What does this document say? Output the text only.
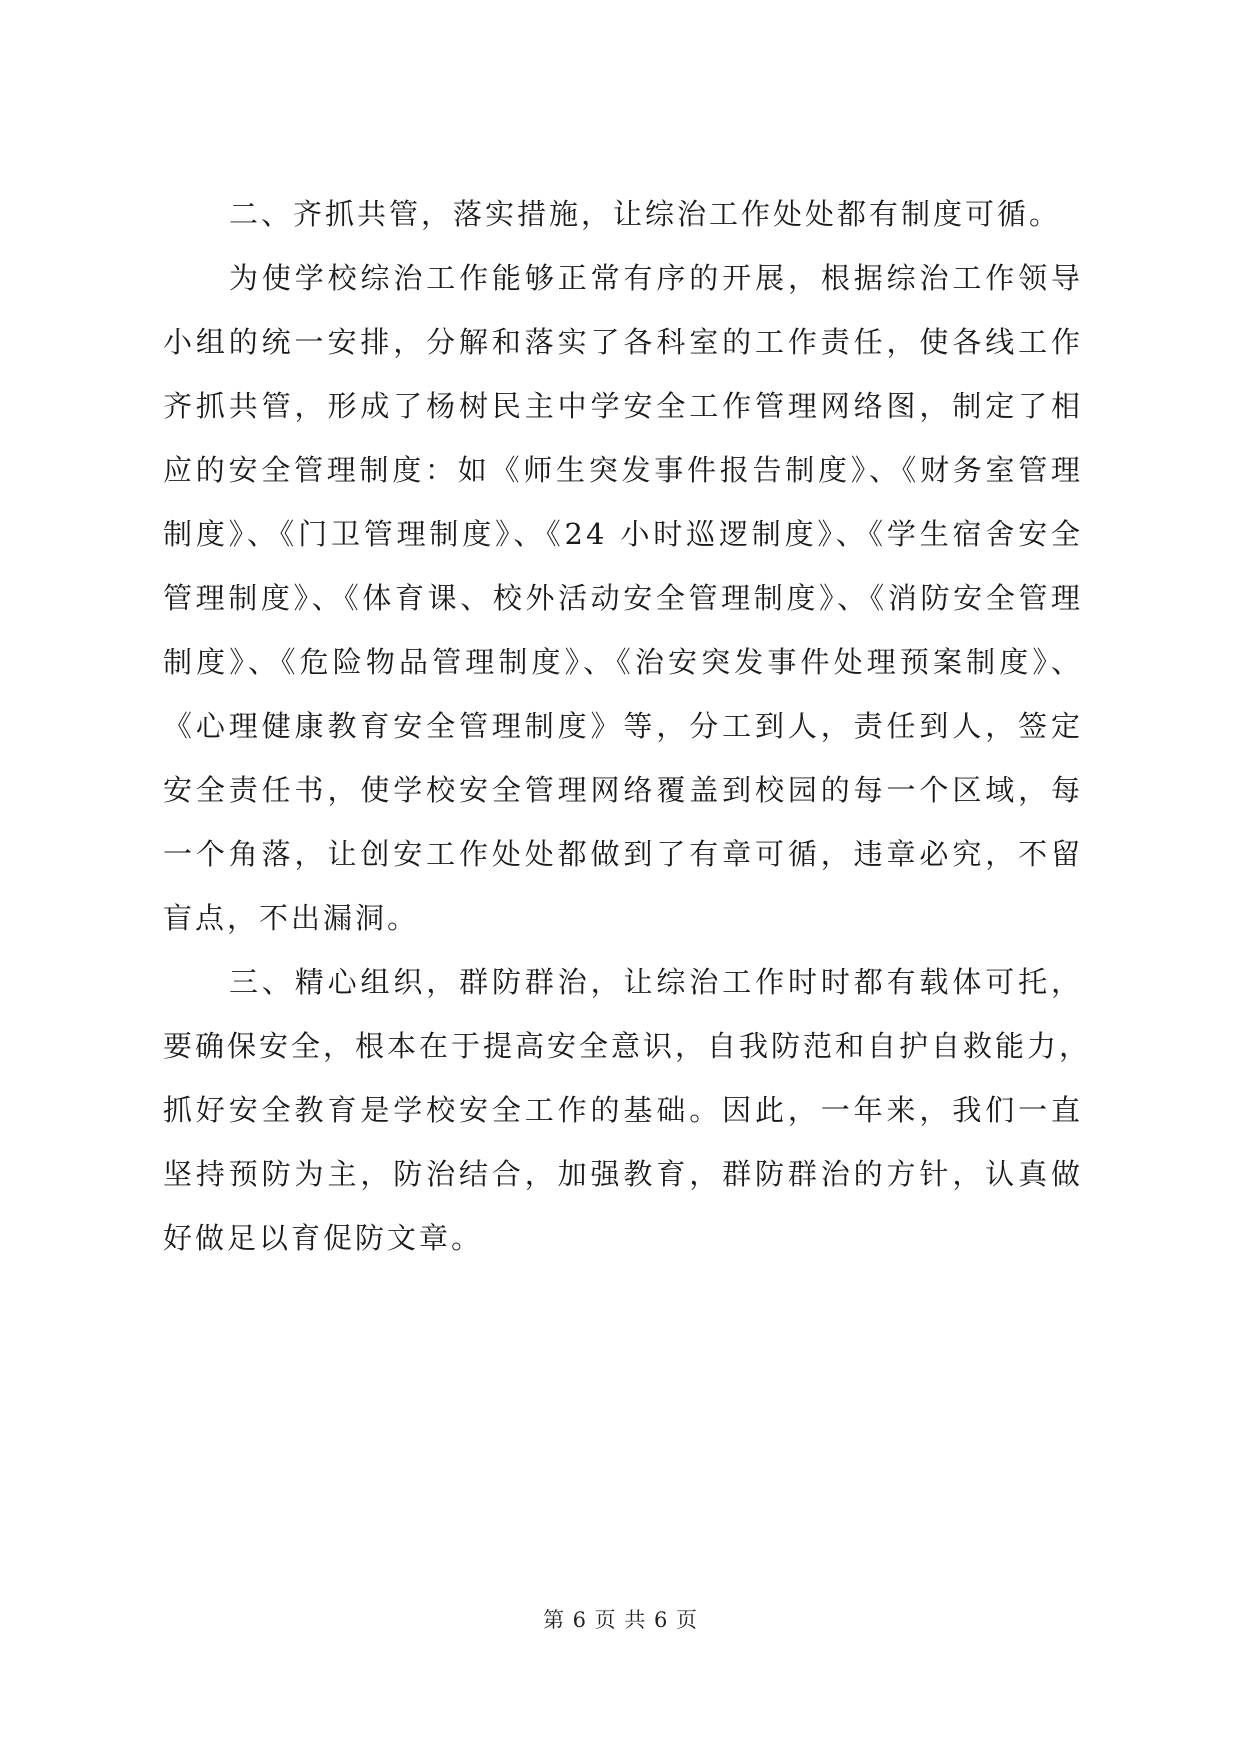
二、齐抓共管，落实措施，让综治工作处处都有制度可循。

为使学校综治工作能够正常有序的开展，根据综治工作领导
小组的统一安排，分解和落实了各科室的工作责任，使各线工作
齐抓共管，形成了杨树民主中学安全工作管理网络图，制定了相
应的安全管理制度：如《师生突发事件报告制度》、《财务室管理
制度》、《门卫管理制度》、《24 小时巡逻制度》、《学生宿舍安全
管理制度》、《体育课、校外活动安全管理制度》、《消防安全管理
制度》、《危险物品管理制度》、《治安突发事件处理预案制度》、
《心理健康教育安全管理制度》等，分工到人，责任到人，签定
安全责任书，使学校安全管理网络覆盖到校园的每一个区域，每
一个角落，让创安工作处处都做到了有章可循，违章必究，不留
盲点，不出漏洞。
三、精心组织，群防群治，让综治工作时时都有载体可托，
要确保安全，根本在于提高安全意识，自我防范和自护自救能力，
抓好安全教育是学校安全工作的基础。因此，一年来，我们一直
坚持预防为主，防治结合，加强教育，群防群治的方针，认真做
好做足以育促防文章。
第 6 页 共 6 页
